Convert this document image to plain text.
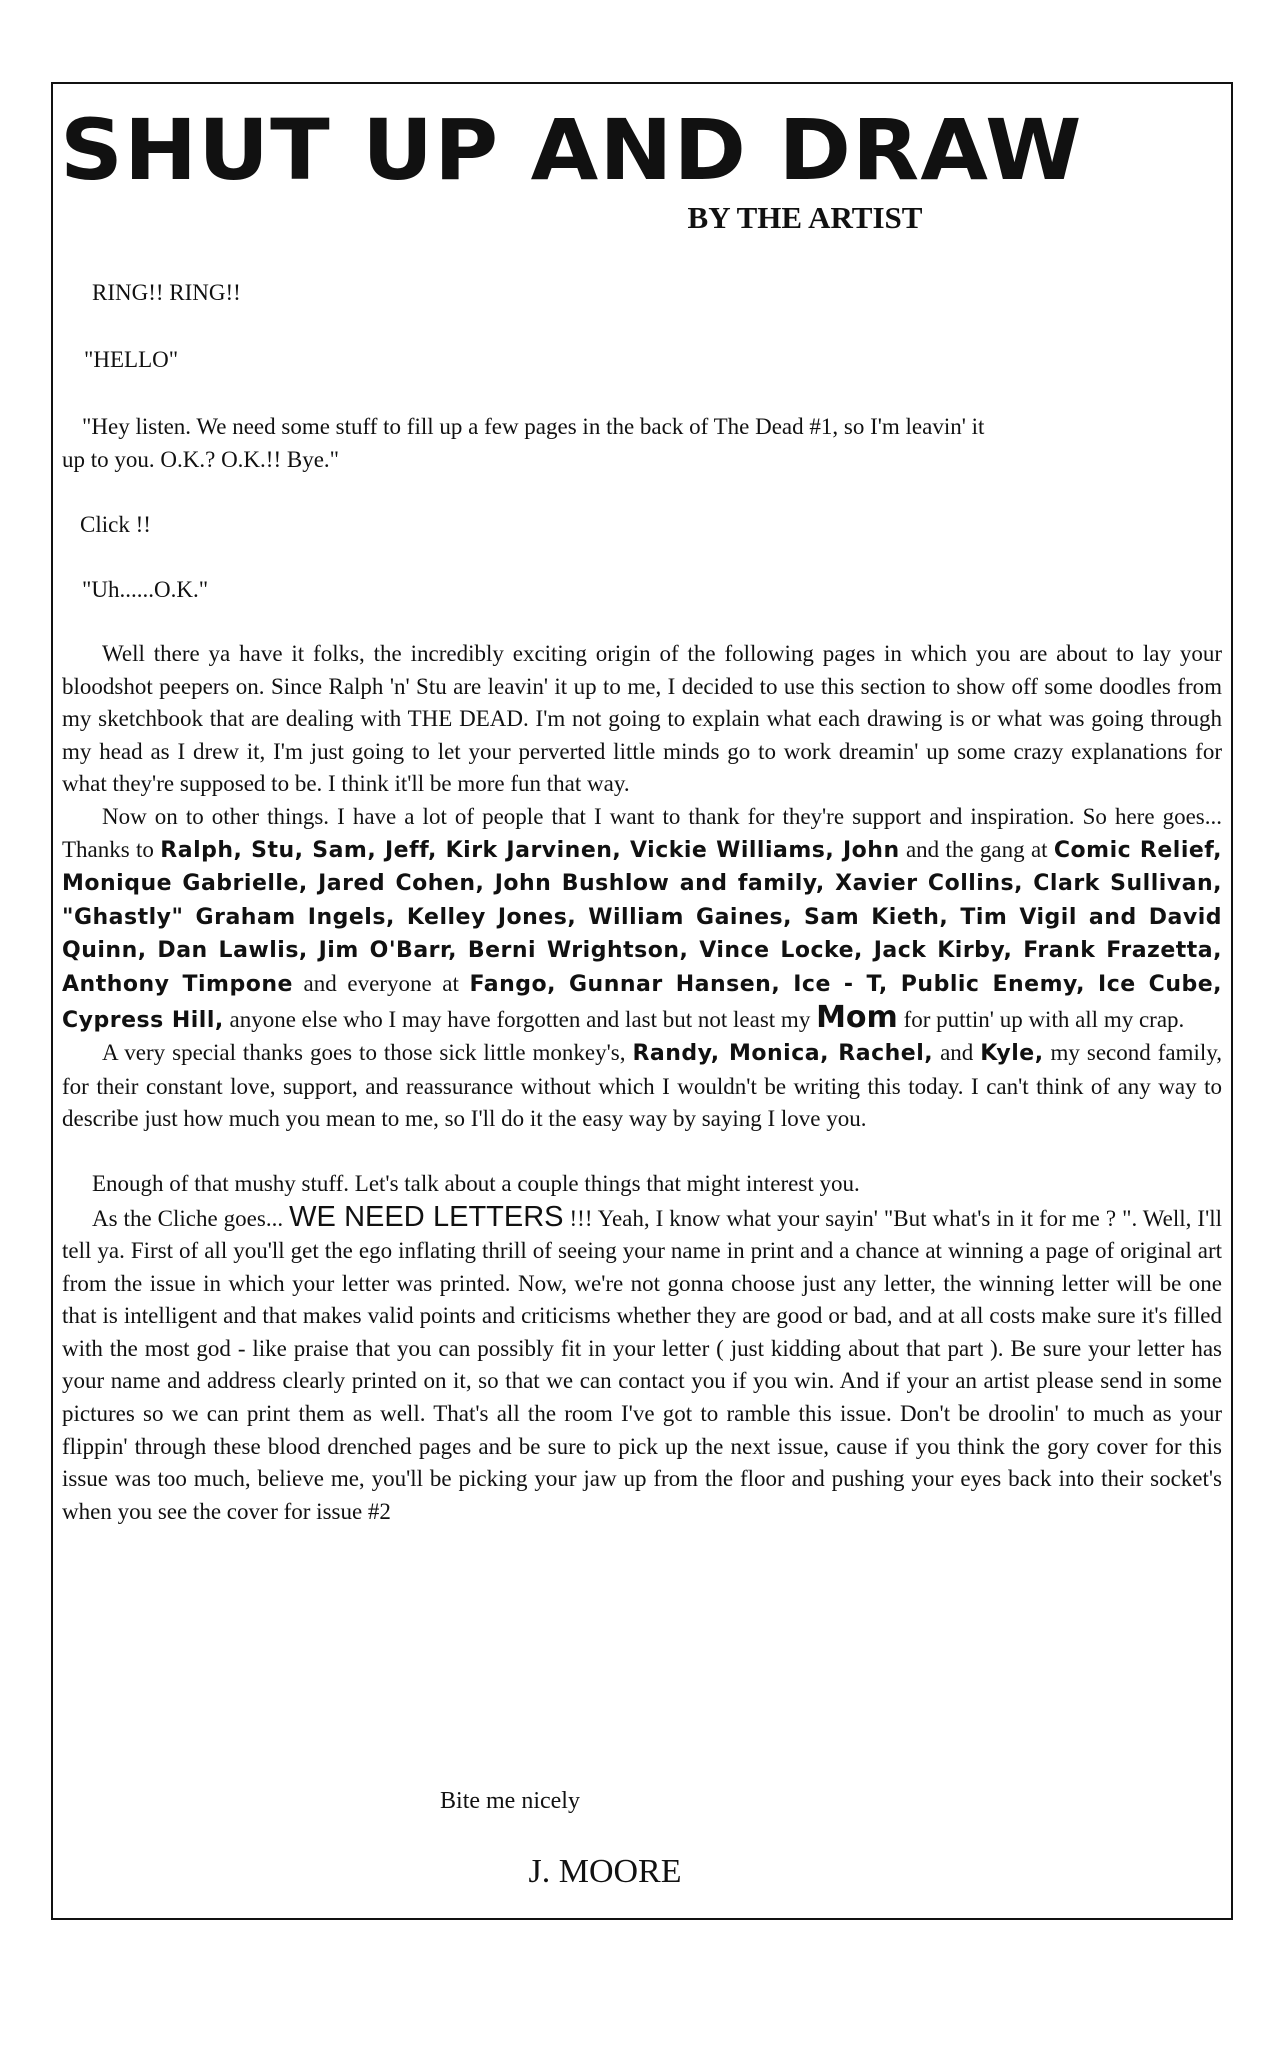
SHUT UP AND DRAW
BY THE ARTIST
RING!! RING!!
"HELLO"
"Hey listen. We need some stuff to fill up a few pages in the back of The Dead #1, so I'm leavin' it
up to you. O.K.? O.K.!! Bye."
Click !!
"Uh......O.K."

Well there ya have it folks, the incredibly exciting origin of the following pages in which you are about to lay your bloodshot peepers on. Since Ralph 'n' Stu are leavin' it up to me, I decided to use this section to show off some doodles from my sketchbook that are dealing with THE DEAD. I'm not going to explain what each drawing is or what was going through my head as I drew it, I'm just going to let your perverted little minds go to work dreamin' up some crazy explanations for what they're supposed to be. I think it'll be more fun that way.

Now on to other things. I have a lot of people that I want to thank for they're support and inspiration. So here goes... Thanks to Ralph, Stu, Sam, Jeff, Kirk Jarvinen, Vickie Williams, John and the gang at Comic Relief, Monique Gabrielle, Jared Cohen, John Bushlow and family, Xavier Collins, Clark Sullivan, "Ghastly" Graham Ingels, Kelley Jones, William Gaines, Sam Kieth, Tim Vigil and David Quinn, Dan Lawlis, Jim O'Barr, Berni Wrightson, Vince Locke, Jack Kirby, Frank Frazetta, Anthony Timpone and everyone at Fango, Gunnar Hansen, Ice - T, Public Enemy, Ice Cube, Cypress Hill, anyone else who I may have forgotten and last but not least my Mom for puttin' up with all my crap.

A very special thanks goes to those sick little monkey's, Randy, Monica, Rachel, and Kyle, my second family, for their constant love, support, and reassurance without which I wouldn't be writing this today. I can't think of any way to describe just how much you mean to me, so I'll do it the easy way by saying I love you.

Enough of that mushy stuff. Let's talk about a couple things that might interest you.

As the Cliche goes... WE NEED LETTERS !!! Yeah, I know what your sayin' "But what's in it for me ? ". Well, I'll tell ya. First of all you'll get the ego inflating thrill of seeing your name in print and a chance at winning a page of original art from the issue in which your letter was printed. Now, we're not gonna choose just any letter, the winning letter will be one that is intelligent and that makes valid points and criticisms whether they are good or bad, and at all costs make sure it's filled with the most god - like praise that you can possibly fit in your letter ( just kidding about that part ). Be sure your letter has your name and address clearly printed on it, so that we can contact you if you win. And if your an artist please send in some pictures so we can print them as well. That's all the room I've got to ramble this issue. Don't be droolin' to much as your flippin' through these blood drenched pages and be sure to pick up the next issue, cause if you think the gory cover for this issue was too much, believe me, you'll be picking your jaw up from the floor and pushing your eyes back into their socket's when you see the cover for issue #2

Bite me nicely
J. MOORE
